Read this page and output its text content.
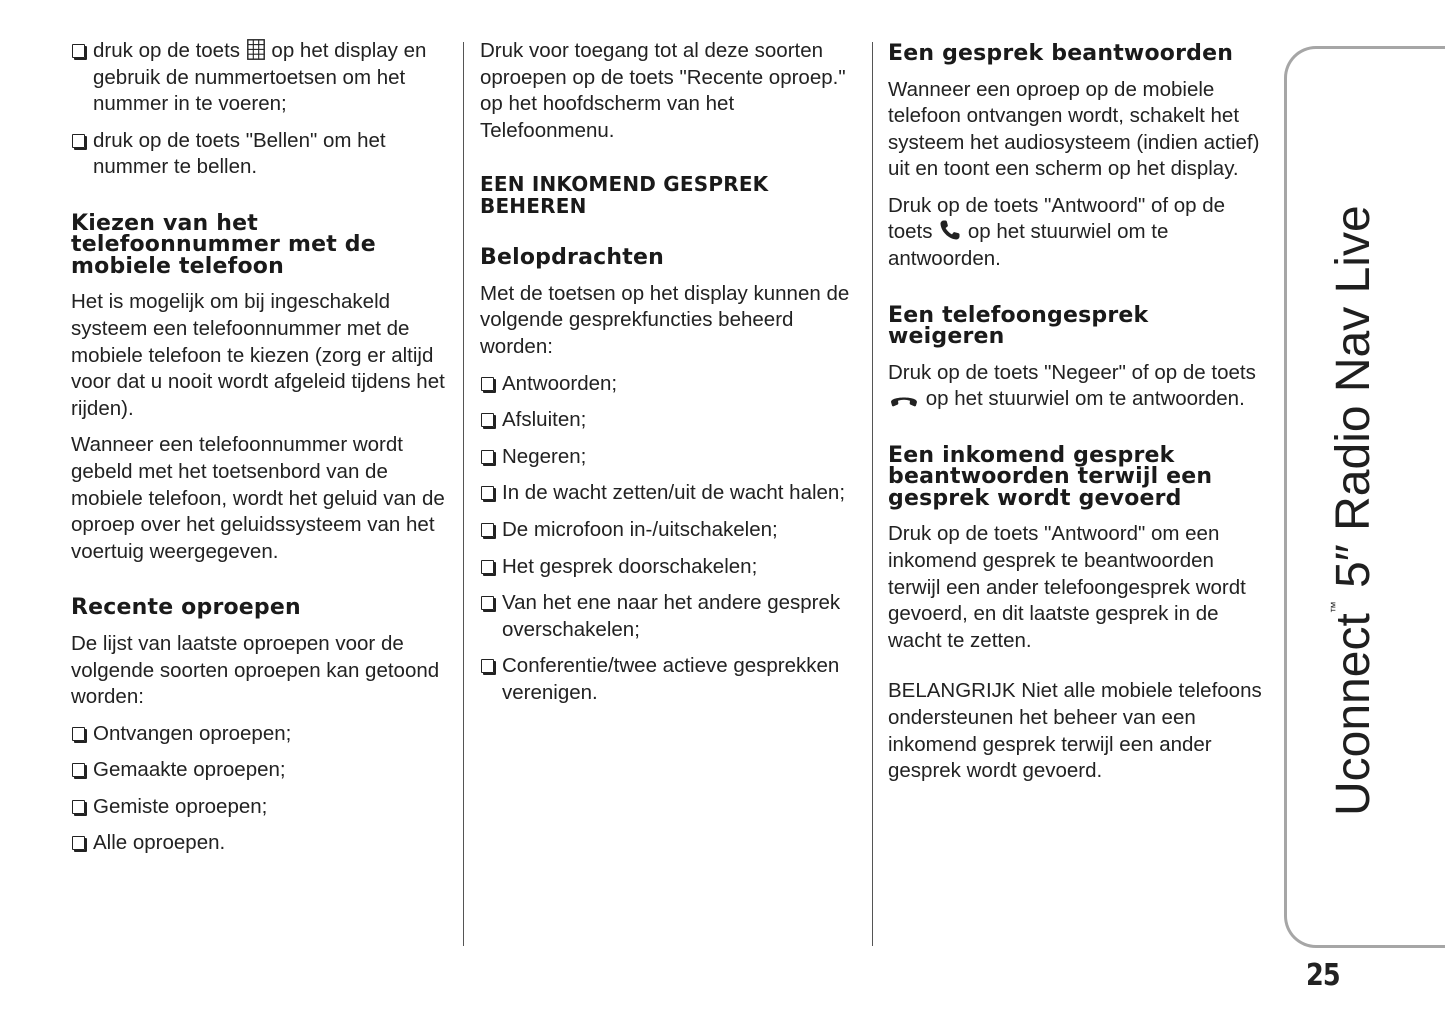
druk op de toets op het display en gebruik de nummertoetsen om het nummer in te voeren;
druk op de toets "Bellen" om het nummer te bellen.
Kiezen van het telefoonnummer met de mobiele telefoon

Het is mogelijk om bij ingeschakeld systeem een telefoonnummer met de mobiele telefoon te kiezen (zorg er altijd voor dat u nooit wordt afgeleid tijdens het rijden).

Wanneer een telefoonnummer wordt gebeld met het toetsenbord van de mobiele telefoon, wordt het geluid van de oproep over het geluidssysteem van het voertuig weergegeven.

Recente oproepen

De lijst van laatste oproepen voor de volgende soorten oproepen kan getoond worden:

Ontvangen oproepen;
Gemaakte oproepen;
Gemiste oproepen;
Alle oproepen.

Druk voor toegang tot al deze soorten oproepen op de toets "Recente oproep." op het hoofdscherm van het Telefoonmenu.

EEN INKOMEND GESPREK BEHEREN
Belopdrachten

Met de toetsen op het display kunnen de volgende gesprekfuncties beheerd worden:

Antwoorden;
Afsluiten;
Negeren;
In de wacht zetten/uit de wacht halen;
De microfoon in-/uitschakelen;
Het gesprek doorschakelen;
Van het ene naar het andere gesprek overschakelen;
Conferentie/twee actieve gesprekken verenigen.
Een gesprek beantwoorden

Wanneer een oproep op de mobiele telefoon ontvangen wordt, schakelt het systeem het audiosysteem (indien actief) uit en toont een scherm op het display.

Druk op de toets "Antwoord" of op de toets op het stuurwiel om te antwoorden.

Een telefoongesprek weigeren

Druk op de toets "Negeer" of op de toets  op het stuurwiel om te antwoorden.

Een inkomend gesprek beantwoorden terwijl een gesprek wordt gevoerd

Druk op de toets "Antwoord" om een inkomend gesprek te beantwoorden terwijl een ander telefoongesprek wordt gevoerd, en dit laatste gesprek in de wacht te zetten.

BELANGRIJK Niet alle mobiele telefoons ondersteunen het beheer van een inkomend gesprek terwijl een ander gesprek wordt gevoerd.	Uconnect™ 5″ Radio Nav Live
25
